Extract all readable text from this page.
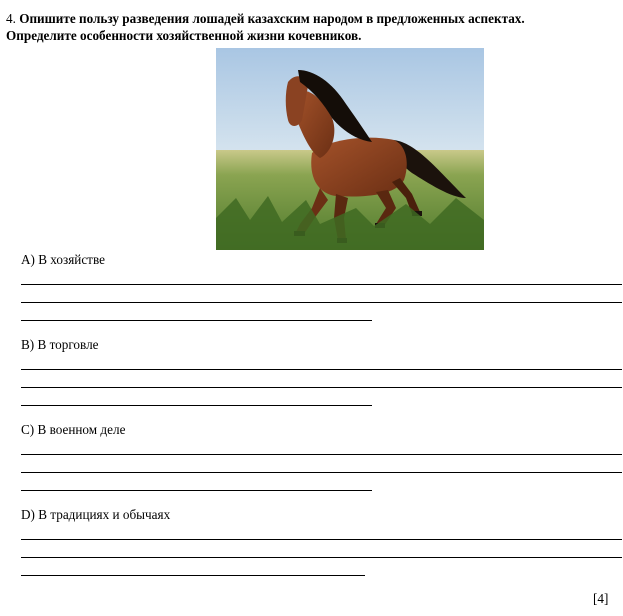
4. Опишите пользу разведения лошадей казахским народом в предложенных аспектах. Определите особенности хозяйственной жизни кочевников.
A) В хозяйстве
B) В торговле
C) В военном деле
D) В традициях и обычаях
[4]
